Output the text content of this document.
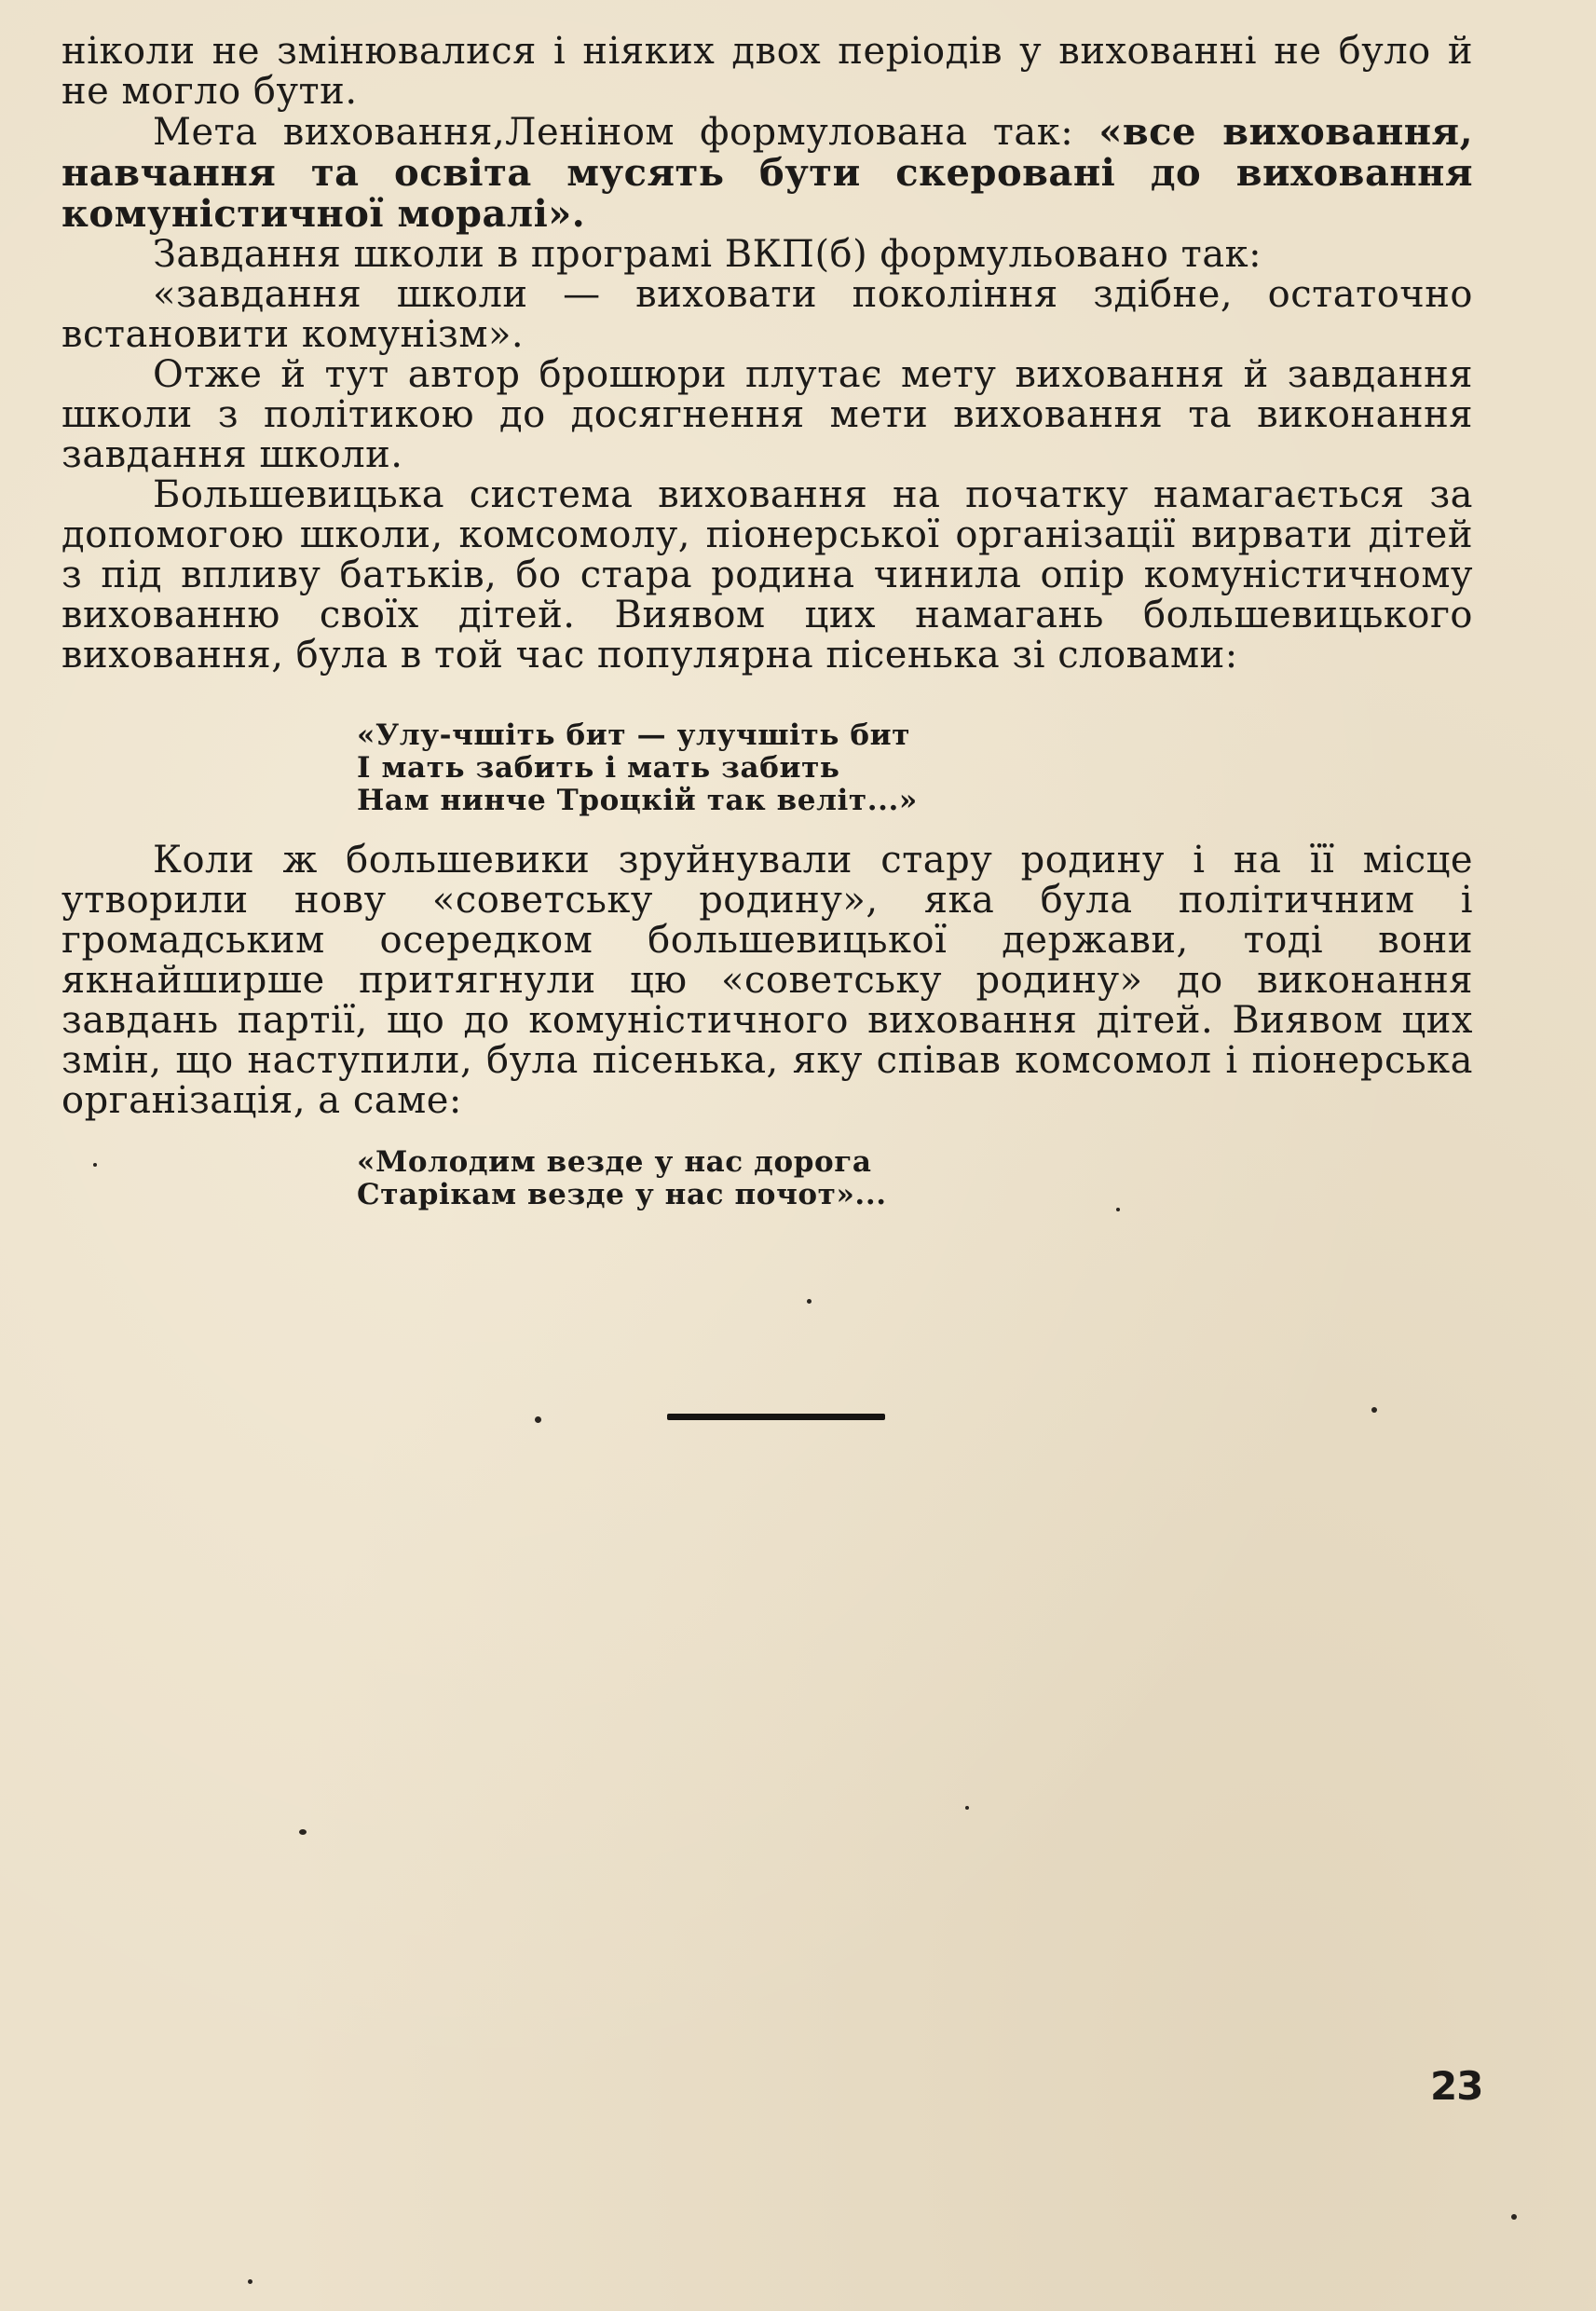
ніколи не змінювалися і ніяких двох періодів у вихованні не було й не могло бути.

Мета виховання,Леніном формулована так: «все виховання, навчання та освіта мусять бути скеровані до виховання комуністичної моралі».

Завдання школи в програмі ВКП(б) формульовано так:

«завдання школи — виховати покоління здібне, остаточно встановити комунізм».

Отже й тут автор брошюри плутає мету виховання й завдання школи з політикою до досягнення мети виховання та виконання завдання школи.

Большевицька система виховання на початку намагається за допомогою школи, комсомолу, піонерської організації вирвати дітей з під впливу батьків, бо стара родина чинила опір комуністичному вихованню своїх дітей. Виявом цих намагань большевицького виховання, була в той час популярна пісенька зі словами:

«Улу-чшіть бит — улучшіть бит
І мать забить і мать забить
Нам нинче Троцкій так веліт...»

Коли ж большевики зруйнували стару родину і на її місце утворили нову «советську родину», яка була політичним і громадським осередком большевицької держави, тоді вони якнайширше притягнули цю «советську родину» до виконання завдань партії, що до комуністичного виховання дітей. Виявом цих змін, що наступили, була пісенька, яку співав комсомол і піонерська організація, а саме:

«Молодим везде у нас дорога
Старікам везде у нас почот»...
23
